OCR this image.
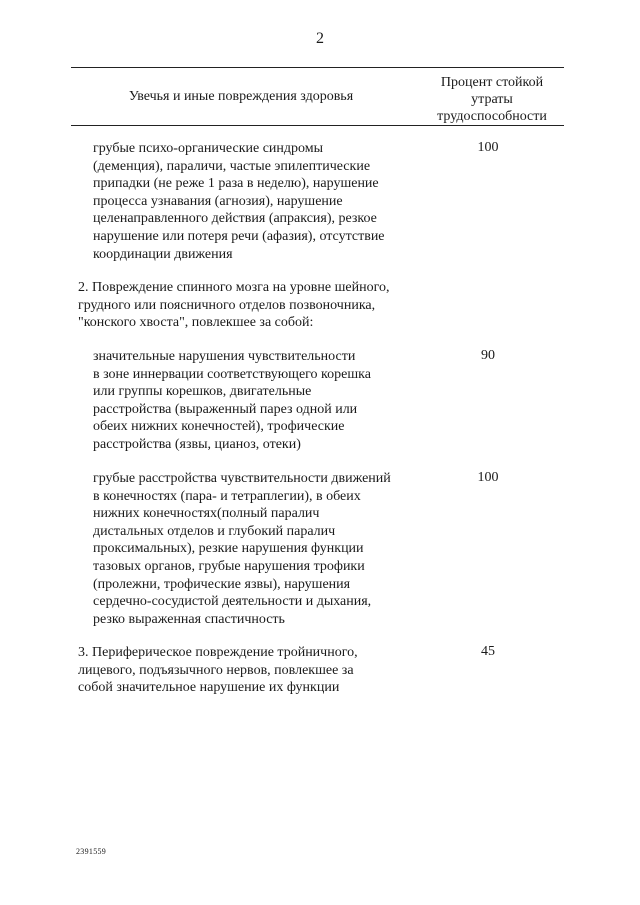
2
Увечья и иные повреждения здоровья
Процент стойкой
утраты
трудоспособности
грубые психо-органические синдромы
(деменция), параличи, частые эпилептические
припадки (не реже 1 раза в неделю), нарушение
процесса узнавания (агнозия), нарушение
целенаправленного действия (апраксия), резкое
нарушение или потеря речи (афазия), отсутствие
координации движения
100
2. Повреждение спинного мозга на уровне шейного,
грудного или поясничного отделов позвоночника,
"конского хвоста", повлекшее за собой:
значительные нарушения чувствительности
в зоне иннервации соответствующего корешка
или группы корешков, двигательные
расстройства (выраженный парез одной или
обеих нижних конечностей), трофические
расстройства (язвы, цианоз, отеки)
90
грубые расстройства чувствительности движений
в конечностях (пара- и тетраплегии), в обеих
нижних конечностях(полный паралич
дистальных отделов и глубокий паралич
проксимальных), резкие нарушения функции
тазовых органов, грубые нарушения трофики
(пролежни, трофические язвы), нарушения
сердечно-сосудистой деятельности и дыхания,
резко выраженная спастичность
100
3. Периферическое повреждение тройничного,
лицевого, подъязычного нервов, повлекшее за
собой значительное нарушение их функции
45
2391559
